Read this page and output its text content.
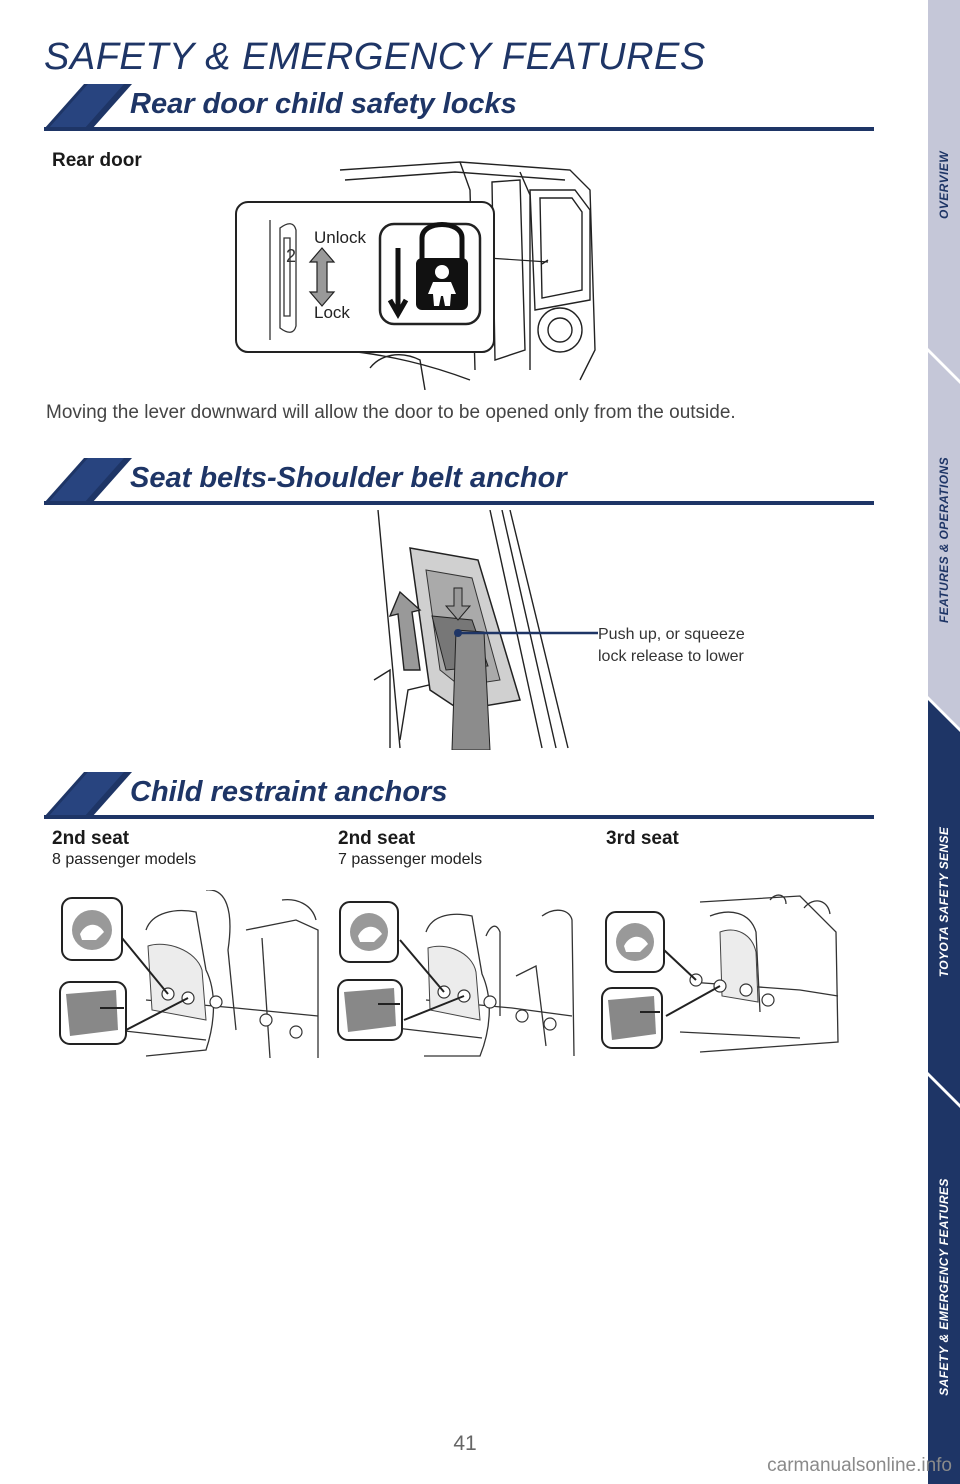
SAFETY & EMERGENCY FEATURES
Rear door child safety locks
Rear door
2
Unlock
Lock
Moving the lever downward will allow the door to be opened only from the outside.
Seat belts-Shoulder belt anchor
Push up, or squeeze
lock release to lower
Child restraint anchors
2nd seat
8 passenger models
2nd seat
7 passenger models
3rd seat
OVERVIEW
FEATURES & OPERATIONS
TOYOTA SAFETY SENSE
SAFETY & EMERGENCY FEATURES
41
carmanualsonline.info
